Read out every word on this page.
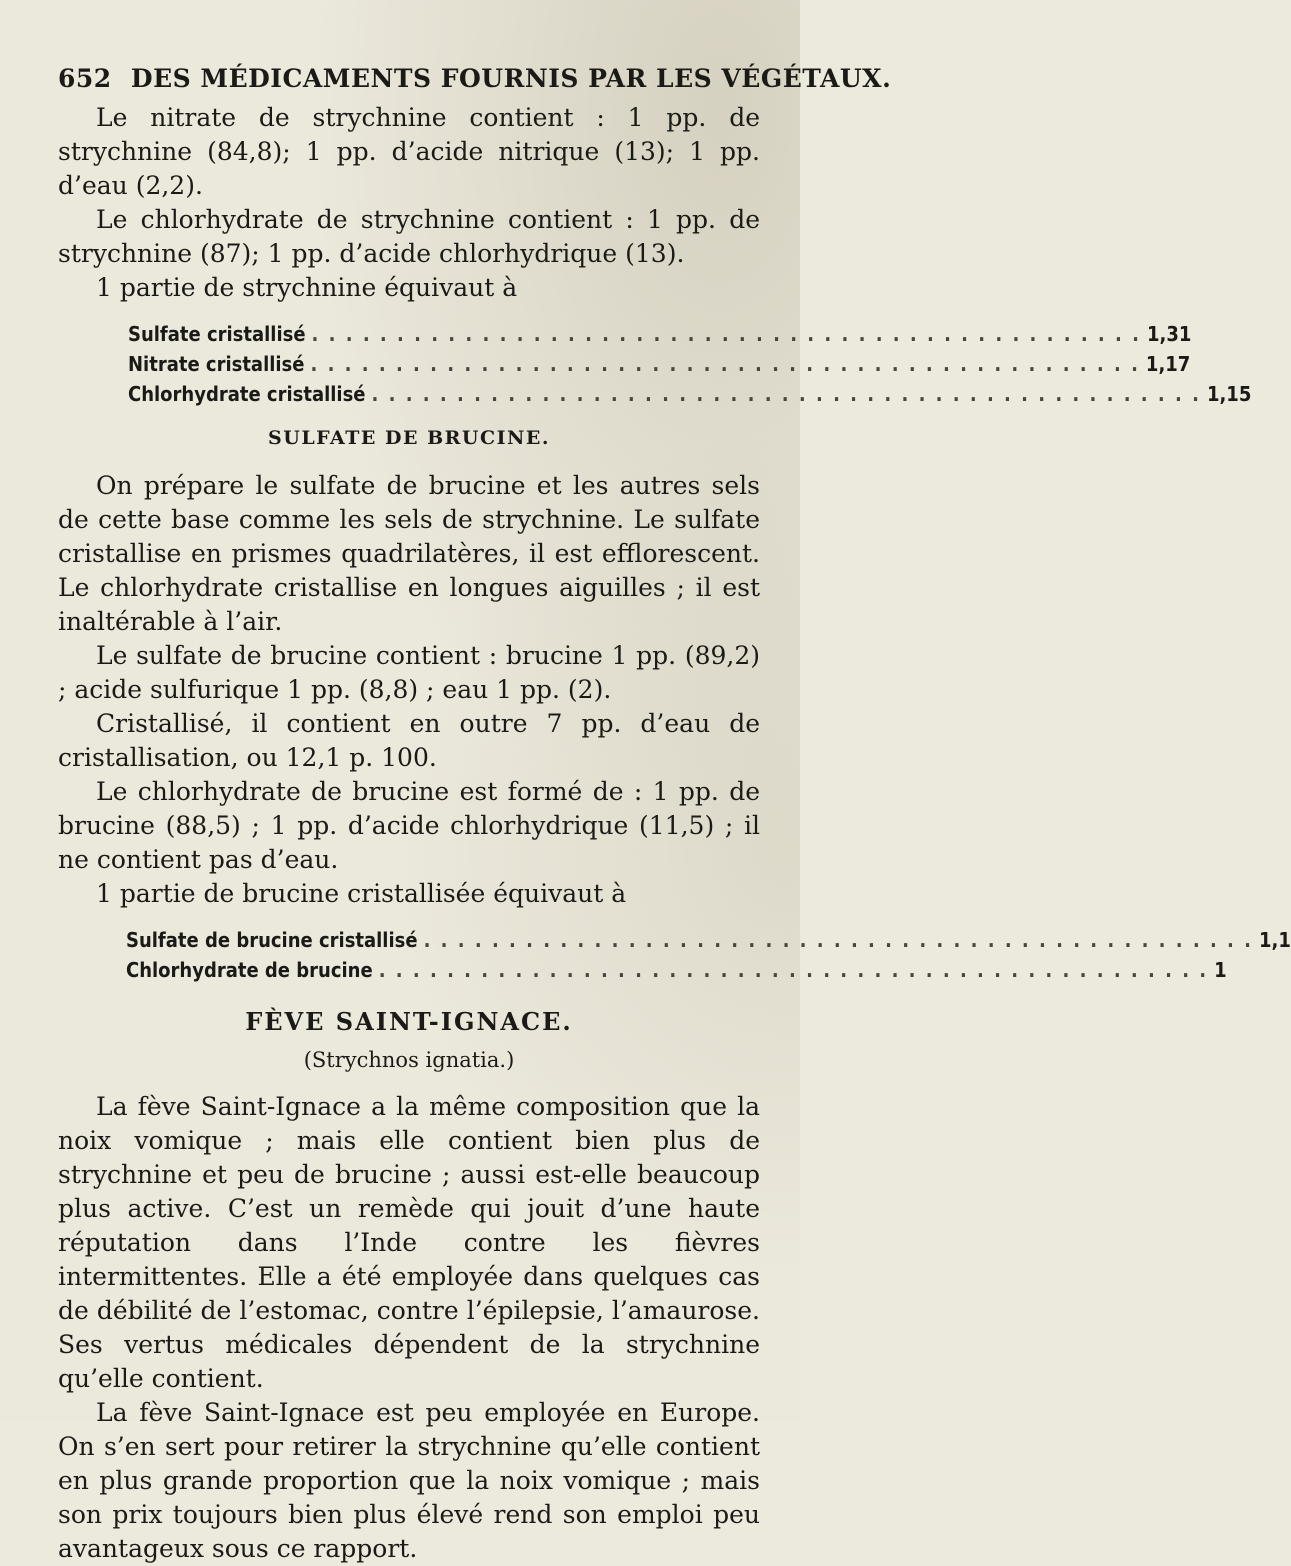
652 DES MÉDICAMENTS FOURNIS PAR LES VÉGÉTAUX.

Le nitrate de strychnine contient : 1 pp. de strychnine (84,8); 1 pp. d’acide nitrique (13); 1 pp. d’eau (2,2).

Le chlorhydrate de strychnine contient : 1 pp. de strychnine (87); 1 pp. d’acide chlorhydrique (13).

1 partie de strychnine équivaut à

Sulfate cristallisé . . .	1,31
Nitrate cristallisé . . .	1,17
Chlorhydrate cristallisé . . .	1,15
SULFATE DE BRUCINE.

On prépare le sulfate de brucine et les autres sels de cette base comme les sels de strychnine. Le sulfate cristallise en prismes quadrilatères, il est efflorescent. Le chlorhydrate cristallise en longues aiguilles ; il est inaltérable à l’air.

Le sulfate de brucine contient : brucine 1 pp. (89,2) ; acide sulfurique 1 pp. (8,8) ; eau 1 pp. (2).

Cristallisé, il contient en outre 7 pp. d’eau de cristallisation, ou 12,1 p. 100.

Le chlorhydrate de brucine est formé de : 1 pp. de brucine (88,5) ; 1 pp. d’acide chlorhydrique (11,5) ; il ne contient pas d’eau.

1 partie de brucine cristallisée équivaut à

Sulfate de brucine cristallisé . . .	1,1
Chlorhydrate de brucine . . .	1
FÈVE SAINT-IGNACE.
(Strychnos ignatia.)

La fève Saint-Ignace a la même composition que la noix vomique ; mais elle contient bien plus de strychnine et peu de brucine ; aussi est-elle beaucoup plus active. C’est un remède qui jouit d’une haute réputation dans l’Inde contre les fièvres intermittentes. Elle a été employée dans quelques cas de débilité de l’estomac, contre l’épilepsie, l’amaurose. Ses vertus médicales dépendent de la strychnine qu’elle contient.

La fève Saint-Ignace est peu employée en Europe. On s’en sert pour retirer la strychnine qu’elle contient en plus grande proportion que la noix vomique ; mais son prix toujours bien plus élevé rend son emploi peu avantageux sous ce rapport.
